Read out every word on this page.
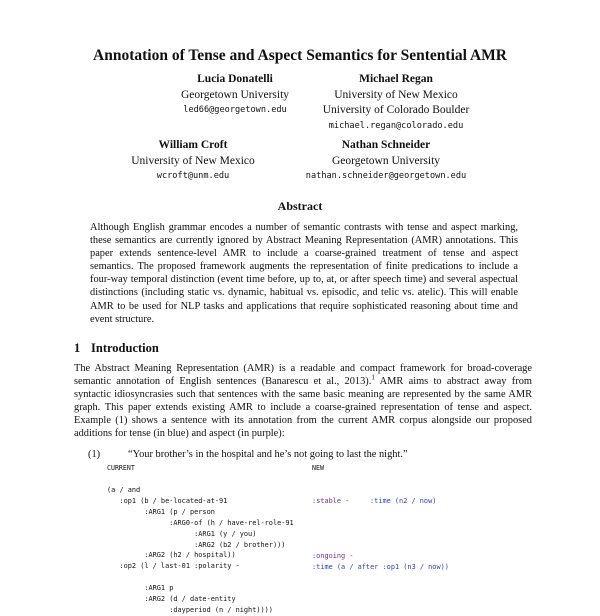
Annotation of Tense and Aspect Semantics for Sentential AMR
Lucia Donatelli
Georgetown University
led66@georgetown.edu
Michael Regan
University of New Mexico
University of Colorado Boulder
michael.regan@colorado.edu
William Croft
University of New Mexico
wcroft@unm.edu
Nathan Schneider
Georgetown University
nathan.schneider@georgetown.edu
Abstract

Although English grammar encodes a number of semantic contrasts with tense and aspect marking, these semantics are currently ignored by Abstract Meaning Representation (AMR) annotations. This paper extends sentence-level AMR to include a coarse-grained treatment of tense and aspect semantics. The proposed framework augments the representation of finite predications to include a four-way temporal distinction (event time before, up to, at, or after speech time) and several aspectual distinctions (including static vs. dynamic, habitual vs. episodic, and telic vs. atelic). This will enable AMR to be used for NLP tasks and applications that require sophisticated reasoning about time and event structure.

1 Introduction

The Abstract Meaning Representation (AMR) is a readable and compact framework for broad-coverage semantic annotation of English sentences (Banarescu et al., 2013).$^1$ AMR aims to abstract away from syntactic idiosyncrasies such that sentences with the same basic meaning are represented by the same AMR graph. This paper extends existing AMR to include a coarse-grained representation of tense and aspect. Example (1) shows a sentence with its annotation from the current AMR corpus alongside our proposed additions for tense (in blue) and aspect (in purple):

(1)	“Your brother’s in the hospital and he’s not going to last the night.”
CURRENT	NEW
(a / and
:op1 (b / be-located-at-91
:ARG1 (p / person
:ARG0-of (h / have-rel-role-91
:ARG1 (y / you)
:ARG2 (b2 / brother)))
:ARG2 (h2 / hospital))
:op2 (l / last-01 :polarity -

:ARG1 p
:ARG2 (d / date-entity
:dayperiod (n / night))))
:stable -	:time (n2 / now)
:ongoing -
:time (a / after :op1 (n3 / now))
